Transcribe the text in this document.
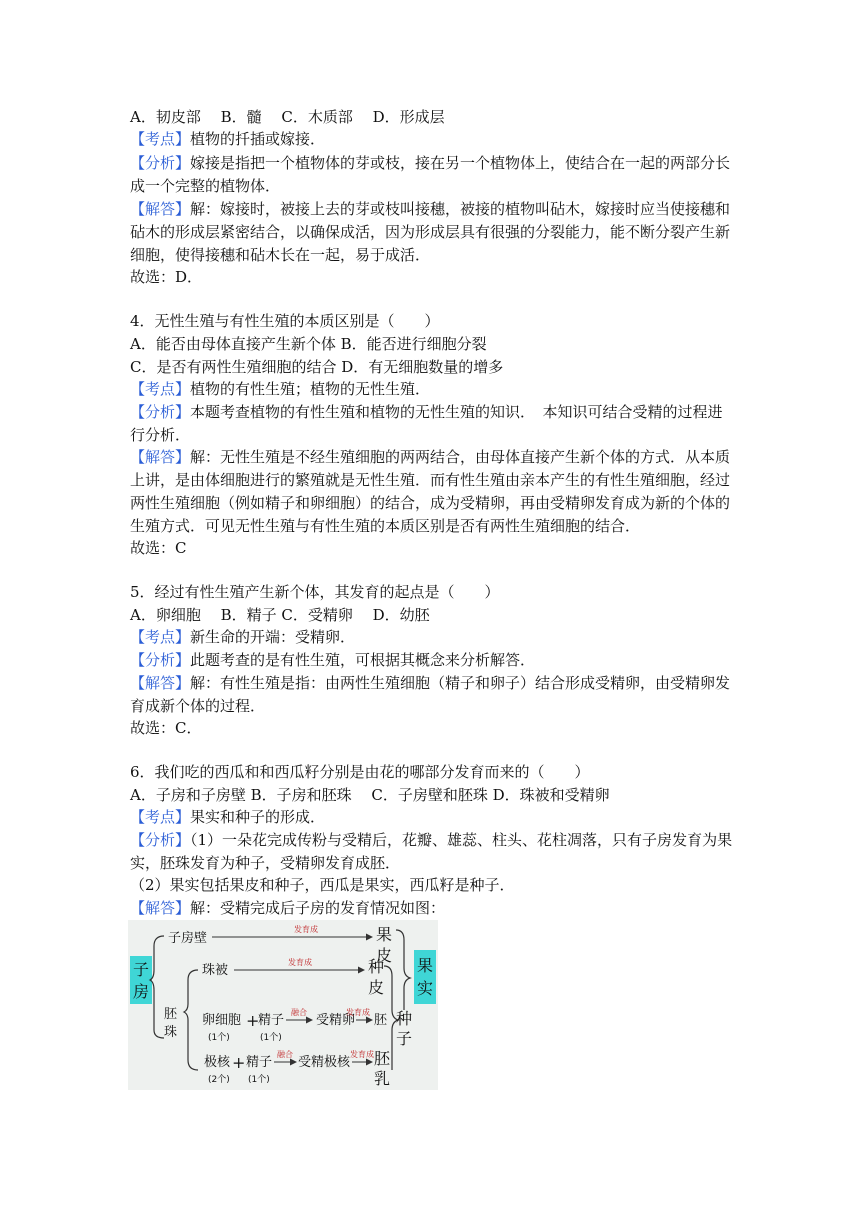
A．韧皮部　 B．髓　 C．木质部　 D．形成层
【考点】植物的扦插或嫁接．
【分析】嫁接是指把一个植物体的芽或枝，接在另一个植物体上，使结合在一起的两部分长
成一个完整的植物体．
【解答】解：嫁接时，被接上去的芽或枝叫接穗，被接的植物叫砧木，嫁接时应当使接穗和
砧木的形成层紧密结合，以确保成活，因为形成层具有很强的分裂能力，能不断分裂产生新
细胞，使得接穗和砧木长在一起，易于成活．
故选：D．
4．无性生殖与有性生殖的本质区别是（　　）
A．能否由母体直接产生新个体 B．能否进行细胞分裂
C．是否有两性生殖细胞的结合 D．有无细胞数量的增多
【考点】植物的有性生殖；植物的无性生殖．
【分析】本题考查植物的有性生殖和植物的无性生殖的知识．　本知识可结合受精的过程进
行分析．
【解答】解：无性生殖是不经生殖细胞的两两结合，由母体直接产生新个体的方式．从本质
上讲，是由体细胞进行的繁殖就是无性生殖．而有性生殖由亲本产生的有性生殖细胞，经过
两性生殖细胞（例如精子和卵细胞）的结合，成为受精卵，再由受精卵发育成为新的个体的
生殖方式．可见无性生殖与有性生殖的本质区别是否有两性生殖细胞的结合．
故选：C
5．经过有性生殖产生新个体，其发育的起点是（　　）
A．卵细胞　 B．精子 C．受精卵　 D．幼胚
【考点】新生命的开端：受精卵．
【分析】此题考查的是有性生殖，可根据其概念来分析解答．
【解答】解：有性生殖是指：由两性生殖细胞（精子和卵子）结合形成受精卵，由受精卵发
育成新个体的过程．
故选：C．
6．我们吃的西瓜和和西瓜籽分别是由花的哪部分发育而来的（　　）
A．子房和子房壁 B．子房和胚珠　 C．子房壁和胚珠 D．珠被和受精卵
【考点】果实和种子的形成．
【分析】（1）一朵花完成传粉与受精后，花瓣、雄蕊、柱头、花柱凋落，只有子房发育为果
实，胚珠发育为种子，受精卵发育成胚．
（2）果实包括果皮和种子，西瓜是果实，西瓜籽是种子．
【解答】解：受精完成后子房的发育情况如图：
子
房
果
实
子房壁
发育成	果
皮
胚
珠
珠被
发育成	种
皮
种
子
卵细胞
(1个)
+
精子
(1个)
融合
受精卵
发育成
胚
极核
(2个)
+ 精子
(1个)
融合
受精极核
发育成 胚
乳
